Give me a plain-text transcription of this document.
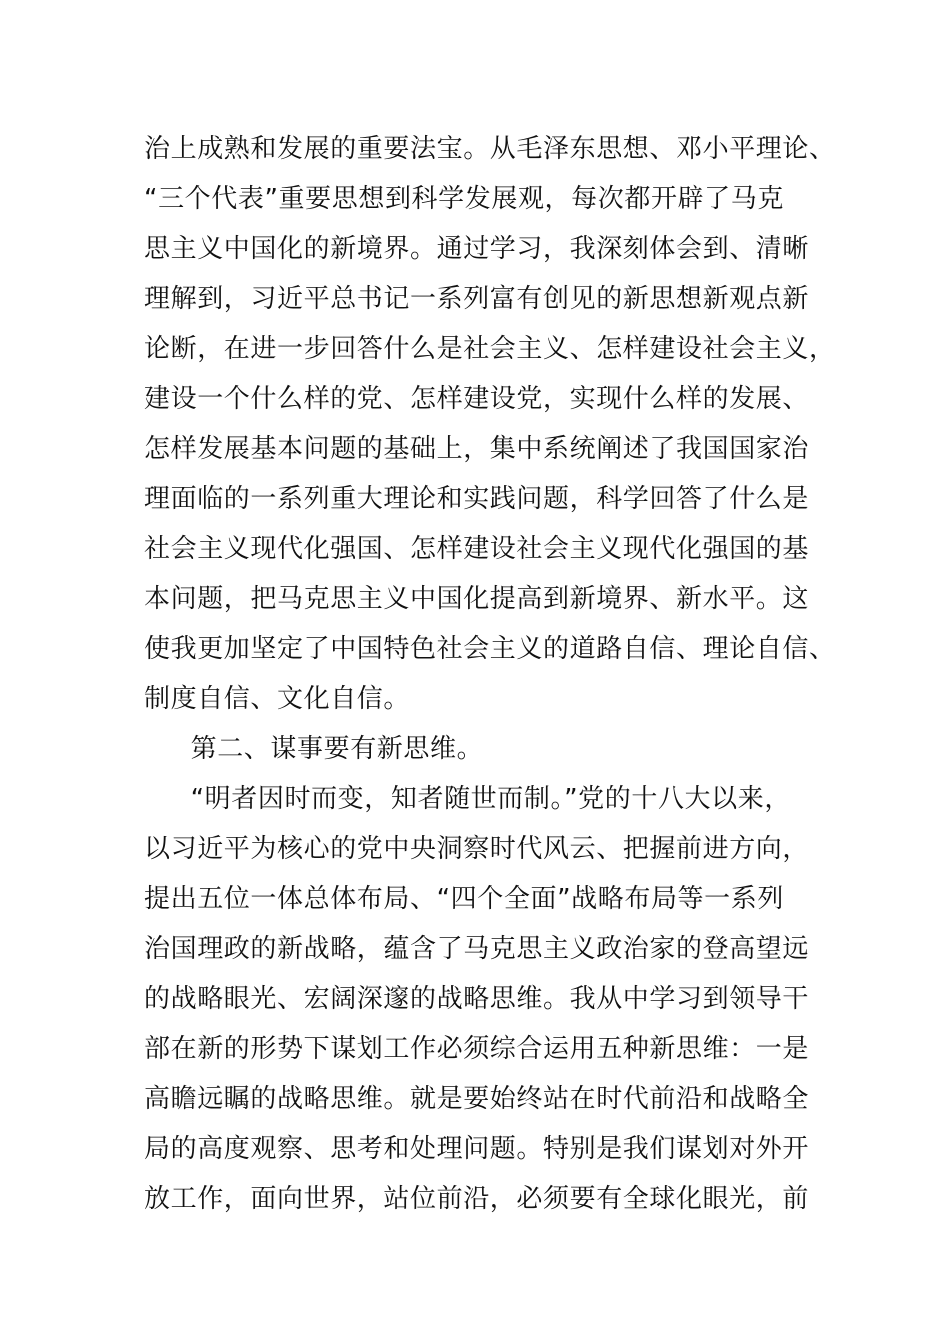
治上成熟和发展的重要法宝。从毛泽东思想、邓小平理论、
“三个代表”重要思想到科学发展观，每次都开辟了马克
思主义中国化的新境界。通过学习，我深刻体会到、清晰
理解到，习近平总书记一系列富有创见的新思想新观点新
论断，在进一步回答什么是社会主义、怎样建设社会主义，
建设一个什么样的党、怎样建设党，实现什么样的发展、
怎样发展基本问题的基础上，集中系统阐述了我国国家治
理面临的一系列重大理论和实践问题，科学回答了什么是
社会主义现代化强国、怎样建设社会主义现代化强国的基
本问题，把马克思主义中国化提高到新境界、新水平。这
使我更加坚定了中国特色社会主义的道路自信、理论自信、
制度自信、文化自信。
　第二、谋事要有新思维。
　“明者因时而变，知者随世而制。”党的十八大以来，
以习近平为核心的党中央洞察时代风云、把握前进方向，
提出五位一体总体布局、“四个全面”战略布局等一系列
治国理政的新战略，蕴含了马克思主义政治家的登高望远
的战略眼光、宏阔深邃的战略思维。我从中学习到领导干
部在新的形势下谋划工作必须综合运用五种新思维：一是
高瞻远瞩的战略思维。就是要始终站在时代前沿和战略全
局的高度观察、思考和处理问题。特别是我们谋划对外开
放工作，面向世界，站位前沿，必须要有全球化眼光，前
